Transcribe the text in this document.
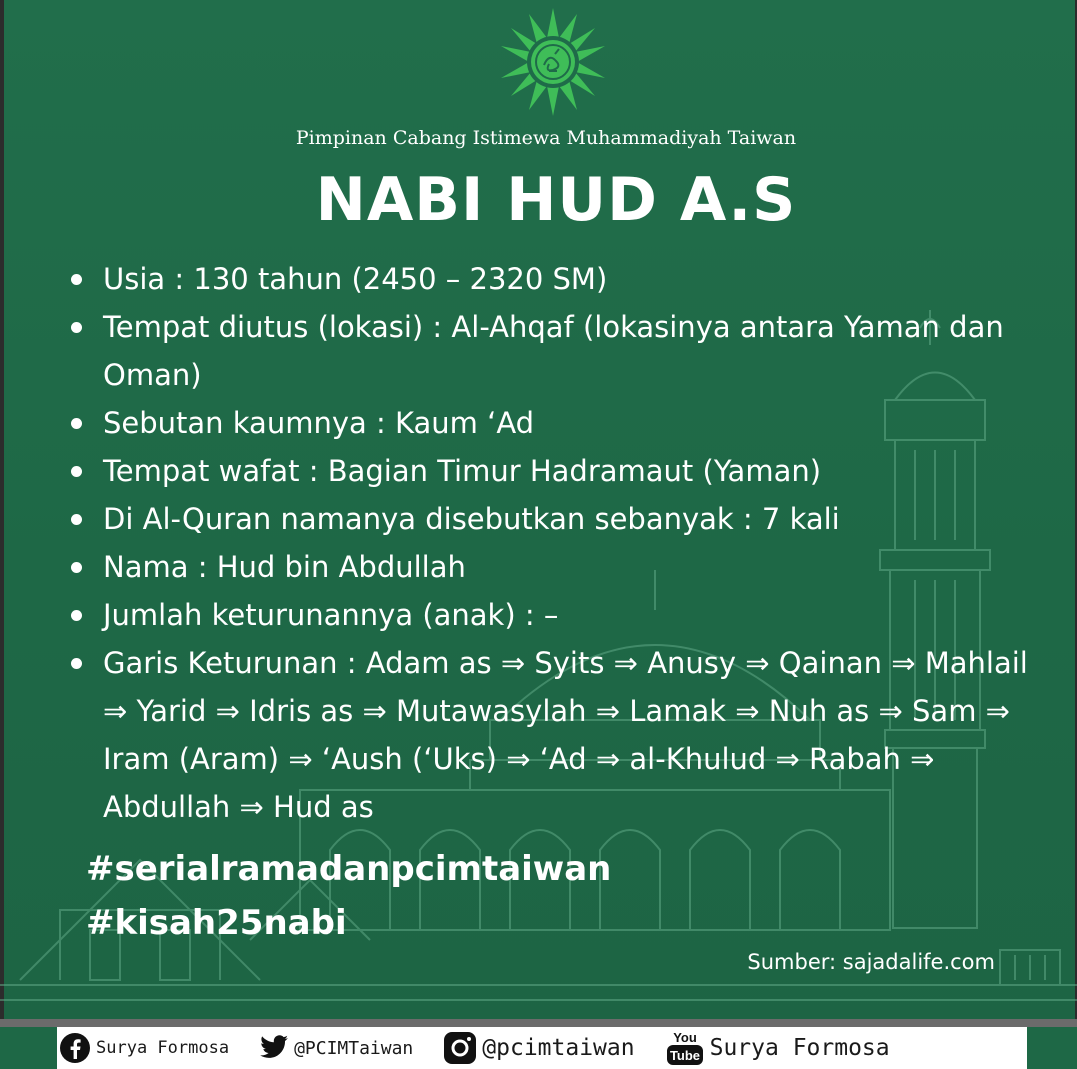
Pimpinan Cabang Istimewa Muhammadiyah Taiwan
NABI HUD A.S
Usia : 130 tahun (2450 – 2320 SM)
Tempat diutus (lokasi) : Al-Ahqaf (lokasinya antara Yaman dan Oman)
Sebutan kaumnya : Kaum ‘Ad
Tempat wafat : Bagian Timur Hadramaut (Yaman)
Di Al-Quran namanya disebutkan sebanyak : 7 kali
Nama : Hud bin Abdullah
Jumlah keturunannya (anak) : –
Garis Keturunan : Adam as ⇒ Syits ⇒ Anusy ⇒ Qainan ⇒ Mahlail ⇒ Yarid ⇒ Idris as ⇒ Mutawasylah ⇒ Lamak ⇒ Nuh as ⇒ Sam ⇒ Iram (Aram) ⇒ ‘Aush (‘Uks) ⇒ ‘Ad ⇒ al-Khulud ⇒ Rabah ⇒ Abdullah ⇒ Hud as
#serialramadanpcimtaiwan
#kisah25nabi
Sumber: sajadalife.com
Surya Formosa	@PCIMTaiwan	@pcimtaiwan	You
Tube Surya Formosa
